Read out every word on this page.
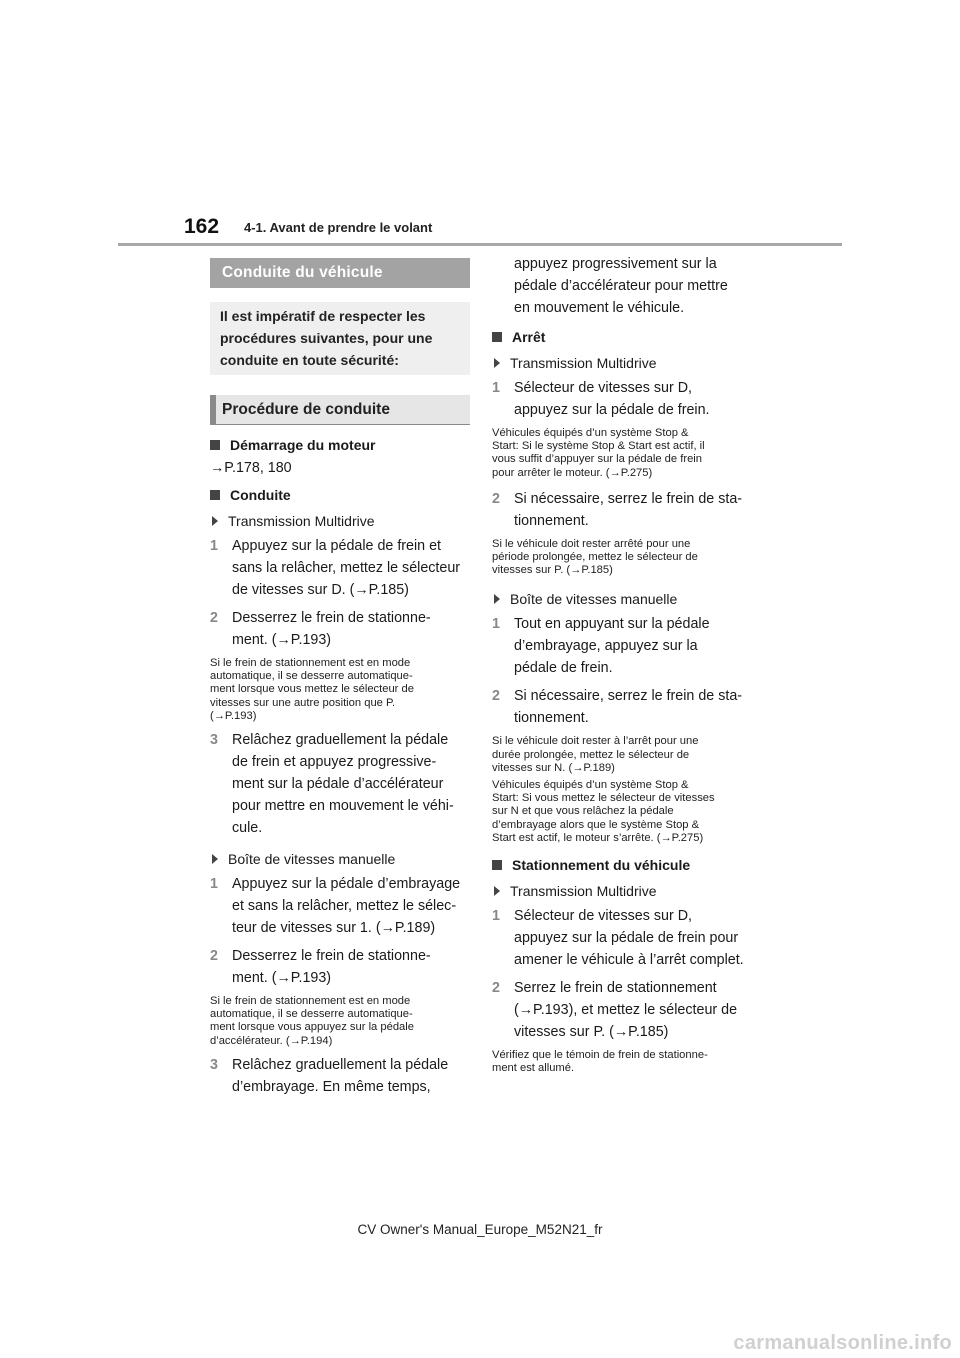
162 4-1. Avant de prendre le volant
Conduite du véhicule
Il est impératif de respecter les
procédures suivantes, pour une
conduite en toute sécurité:
Procédure de conduite
Démarrage du moteur
→P.178, 180
Conduite
Transmission Multidrive
1 Appuyez sur la pédale de frein et
sans la relâcher, mettez le sélecteur
de vitesses sur D. (→P.185)
2 Desserrez le frein de stationne-
ment. (→P.193)
Si le frein de stationnement est en mode
automatique, il se desserre automatique-
ment lorsque vous mettez le sélecteur de
vitesses sur une autre position que P.
(→P.193)
3 Relâchez graduellement la pédale
de frein et appuyez progressive-
ment sur la pédale d’accélérateur
pour mettre en mouvement le véhi-
cule.
Boîte de vitesses manuelle
1 Appuyez sur la pédale d’embrayage
et sans la relâcher, mettez le sélec-
teur de vitesses sur 1. (→P.189)
2 Desserrez le frein de stationne-
ment. (→P.193)
Si le frein de stationnement est en mode
automatique, il se desserre automatique-
ment lorsque vous appuyez sur la pédale
d’accélérateur. (→P.194)
3 Relâchez graduellement la pédale
d’embrayage. En même temps,
appuyez progressivement sur la
pédale d’accélérateur pour mettre
en mouvement le véhicule.
Arrêt
Transmission Multidrive
1 Sélecteur de vitesses sur D,
appuyez sur la pédale de frein.
Véhicules équipés d’un système Stop &
Start: Si le système Stop & Start est actif, il
vous suffit d’appuyer sur la pédale de frein
pour arrêter le moteur. (→P.275)
2 Si nécessaire, serrez le frein de sta-
tionnement.
Si le véhicule doit rester arrêté pour une
période prolongée, mettez le sélecteur de
vitesses sur P. (→P.185)
Boîte de vitesses manuelle
1 Tout en appuyant sur la pédale
d’embrayage, appuyez sur la
pédale de frein.
2 Si nécessaire, serrez le frein de sta-
tionnement.
Si le véhicule doit rester à l’arrêt pour une
durée prolongée, mettez le sélecteur de
vitesses sur N. (→P.189)
Véhicules équipés d’un système Stop &
Start: Si vous mettez le sélecteur de vitesses
sur N et que vous relâchez la pédale
d’embrayage alors que le système Stop &
Start est actif, le moteur s’arrête. (→P.275)
Stationnement du véhicule
Transmission Multidrive
1 Sélecteur de vitesses sur D,
appuyez sur la pédale de frein pour
amener le véhicule à l’arrêt complet.
2 Serrez le frein de stationnement
(→P.193), et mettez le sélecteur de
vitesses sur P. (→P.185)
Vérifiez que le témoin de frein de stationne-
ment est allumé.
CV Owner's Manual_Europe_M52N21_fr
carmanualsonline.info
